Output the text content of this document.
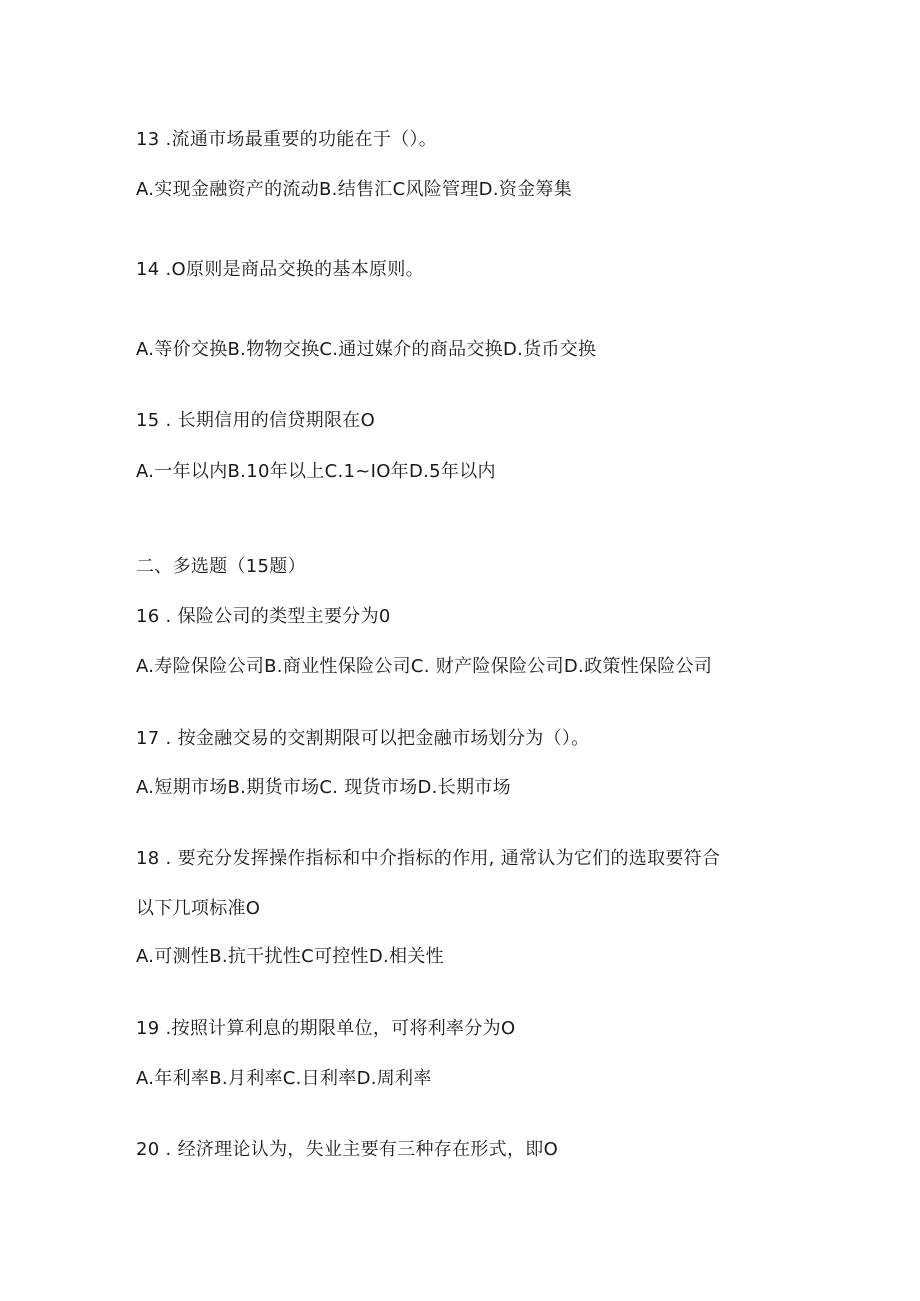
13 .流通市场最重要的功能在于（）。
A.实现金融资产的流动B.结售汇C风险管理D.资金筹集
14 .O原则是商品交换的基本原则。
A.等价交换B.物物交换C.通过媒介的商品交换D.货币交换
15 . 长期信用的信贷期限在O
A.一年以内B.10年以上C.1~IO年D.5年以内
二、多选题（15题）
16 . 保险公司的类型主要分为0
A.寿险保险公司B.商业性保险公司C. 财产险保险公司D.政策性保险公司
17 . 按金融交易的交割期限可以把金融市场划分为（）。
A.短期市场B.期货市场C. 现货市场D.长期市场
18 . 要充分发挥操作指标和中介指标的作用, 通常认为它们的选取要符合
以下几项标准O
A.可测性B.抗干扰性C可控性D.相关性
19 .按照计算利息的期限单位，可将利率分为O
A.年利率B.月利率C.日利率D.周利率
20 . 经济理论认为，失业主要有三种存在形式，即O
